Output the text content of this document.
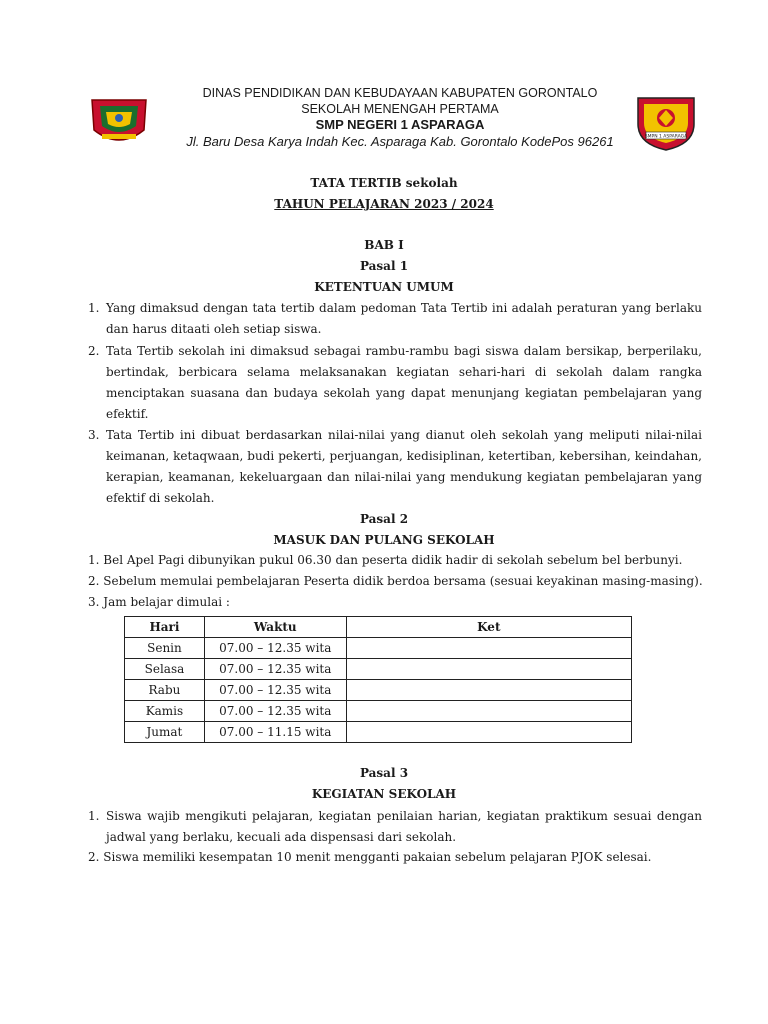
DINAS PENDIDIKAN DAN KEBUDAYAAN KABUPATEN GORONTALO
SEKOLAH MENENGAH PERTAMA
SMP NEGERI 1 ASPARAGA
Jl. Baru Desa Karya Indah Kec. Asparaga Kab. Gorontalo KodePos 96261	SMPN 1 ASPARAGA
TATA TERTIB sekolah
TAHUN PELAJARAN 2023 / 2024
BAB I
Pasal 1
KETENTUAN UMUM
1. Yang dimaksud dengan tata tertib dalam pedoman Tata Tertib ini adalah peraturan yang berlaku dan harus ditaati oleh setiap siswa.
2. Tata Tertib sekolah ini dimaksud sebagai rambu-rambu bagi siswa dalam bersikap, berperilaku, bertindak, berbicara selama melaksanakan kegiatan sehari-hari di sekolah dalam rangka menciptakan suasana dan budaya sekolah yang dapat menunjang kegiatan pembelajaran yang efektif.
3. Tata Tertib ini dibuat berdasarkan nilai-nilai yang dianut oleh sekolah yang meliputi nilai-nilai keimanan, ketaqwaan, budi pekerti, perjuangan, kedisiplinan, ketertiban, kebersihan, keindahan, kerapian, keamanan, kekeluargaan dan nilai-nilai yang mendukung kegiatan pembelajaran yang efektif di sekolah.
Pasal 2
MASUK DAN PULANG SEKOLAH
1. Bel Apel Pagi dibunyikan pukul 06.30 dan peserta didik hadir di sekolah sebelum bel berbunyi.
2. Sebelum memulai pembelajaran Peserta didik berdoa bersama (sesuai keyakinan masing-masing).
3. Jam belajar dimulai :
Hari	Waktu	Ket
Senin	07.00 – 12.35 wita	
Selasa	07.00 – 12.35 wita	
Rabu	07.00 – 12.35 wita	
Kamis	07.00 – 12.35 wita	
Jumat	07.00 – 11.15 wita	
Pasal 3
KEGIATAN SEKOLAH
1. Siswa wajib mengikuti pelajaran, kegiatan penilaian harian, kegiatan praktikum sesuai dengan jadwal yang berlaku, kecuali ada dispensasi dari sekolah.
2. Siswa memiliki kesempatan 10 menit mengganti pakaian sebelum pelajaran PJOK selesai.
